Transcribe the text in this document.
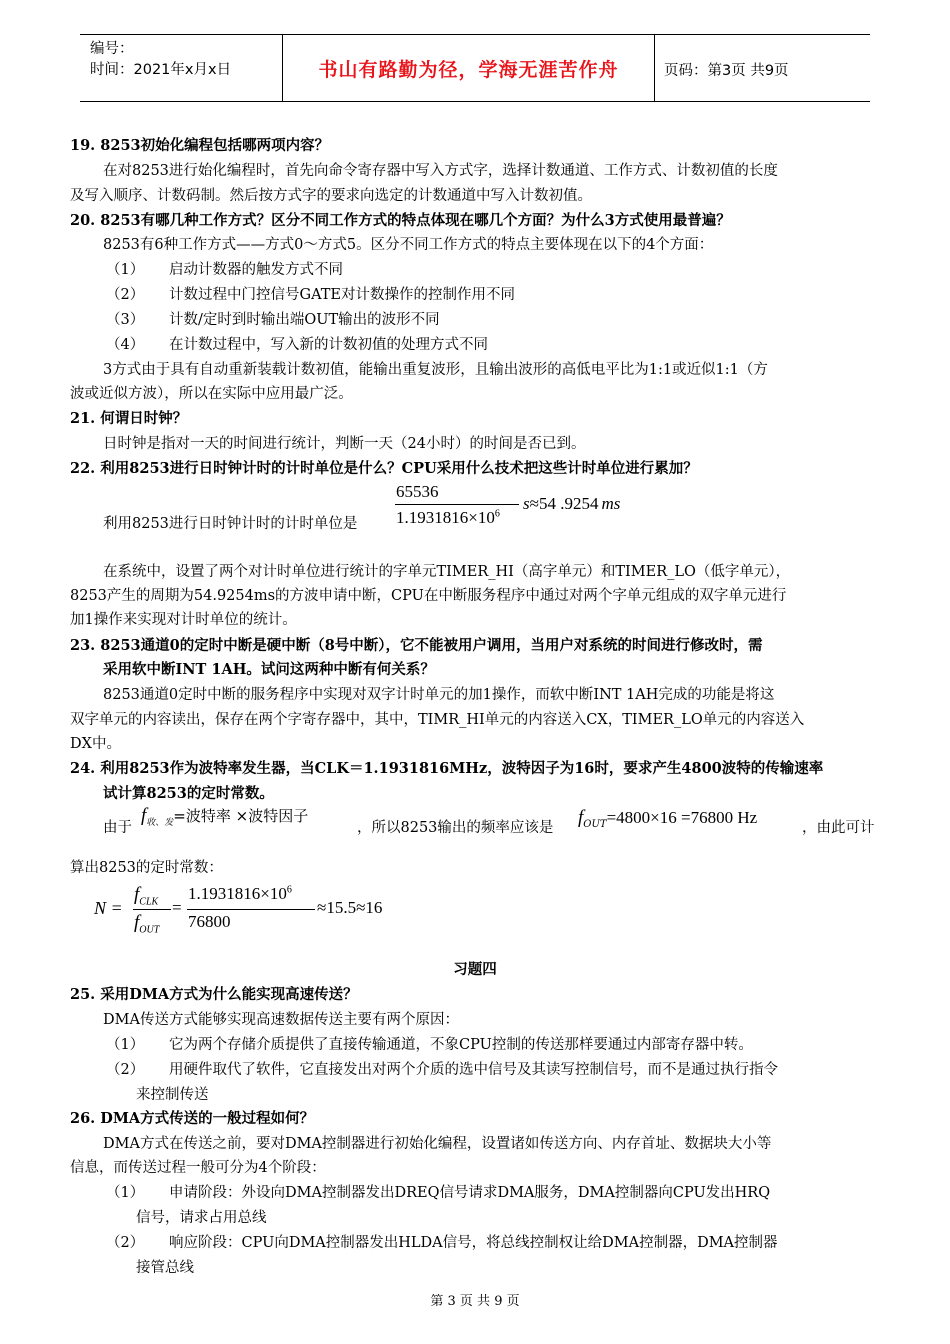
编号：
时间：2021年x月x日	书山有路勤为径，学海无涯苦作舟	页码：第3页 共9页
19. 8253初始化编程包括哪两项内容？
在对8253进行始化编程时，首先向命令寄存器中写入方式字，选择计数通道、工作方式、计数初值的长度
及写入顺序、计数码制。然后按方式字的要求向选定的计数通道中写入计数初值。
20. 8253有哪几种工作方式？区分不同工作方式的特点体现在哪几个方面？为什么3方式使用最普遍？
8253有6种工作方式——方式0～方式5。区分不同工作方式的特点主要体现在以下的4个方面：
（1） 启动计数器的触发方式不同
（2） 计数过程中门控信号GATE对计数操作的控制作用不同
（3） 计数/定时到时输出端OUT输出的波形不同
（4） 在计数过程中，写入新的计数初值的处理方式不同
3方式由于具有自动重新装载计数初值，能输出重复波形，且输出波形的高低电平比为1:1或近似1:1（方
波或近似方波），所以在实际中应用最广泛。
21. 何谓日时钟？
日时钟是指对一天的时间进行统计，判断一天（24小时）的时间是否已到。
22. 利用8253进行日时钟计时的计时单位是什么？CPU采用什么技术把这些计时单位进行累加？
65536
$1.1931816\times 10^6$
s≈54 .9254 ms
利用8253进行日时钟计时的计时单位是
在系统中，设置了两个对计时单位进行统计的字单元TIMER_HI（高字单元）和TIMER_LO（低字单元），
8253产生的周期为54.9254ms的方波申请中断，CPU在中断服务程序中通过对两个字单元组成的双字单元进行
加1操作来实现对计时单位的统计。
23. 8253通道0的定时中断是硬中断（8号中断），它不能被用户调用，当用户对系统的时间进行修改时，需
采用软中断INT 1AH。试问这两种中断有何关系？
8253通道0定时中断的服务程序中实现对双字计时单元的加1操作，而软中断INT 1AH完成的功能是将这
双字单元的内容读出，保存在两个字寄存器中，其中，TIMR_HI单元的内容送入CX，TIMER_LO单元的内容送入
DX中。
24. 利用8253作为波特率发生器，当CLK＝1.1931816MHz，波特因子为16时，要求产生4800波特的传输速率
试计算8253的定时常数。
由于
$f_{收、发}=$波特率 ×波特因子
，所以8253输出的频率应该是 $f_{OUT}=4800\times 16 =76800$ Hz
，由此可计
算出8253的定时常数：
N =
$f_{CLK}$
$f_{OUT}$
=
$1.1931816\times 10^6$
76800
≈15.5≈16
习题四
25. 采用DMA方式为什么能实现高速传送？
DMA传送方式能够实现高速数据传送主要有两个原因：
（1） 它为两个存储介质提供了直接传输通道，不象CPU控制的传送那样要通过内部寄存器中转。
（2） 用硬件取代了软件，它直接发出对两个介质的选中信号及其读写控制信号，而不是通过执行指令
来控制传送
26. DMA方式传送的一般过程如何？
DMA方式在传送之前，要对DMA控制器进行初始化编程，设置诸如传送方向、内存首址、数据块大小等
信息，而传送过程一般可分为4个阶段：
（1） 申请阶段：外设向DMA控制器发出DREQ信号请求DMA服务，DMA控制器向CPU发出HRQ
信号，请求占用总线
（2） 响应阶段：CPU向DMA控制器发出HLDA信号，将总线控制权让给DMA控制器，DMA控制器
接管总线
第 3 页 共 9 页
